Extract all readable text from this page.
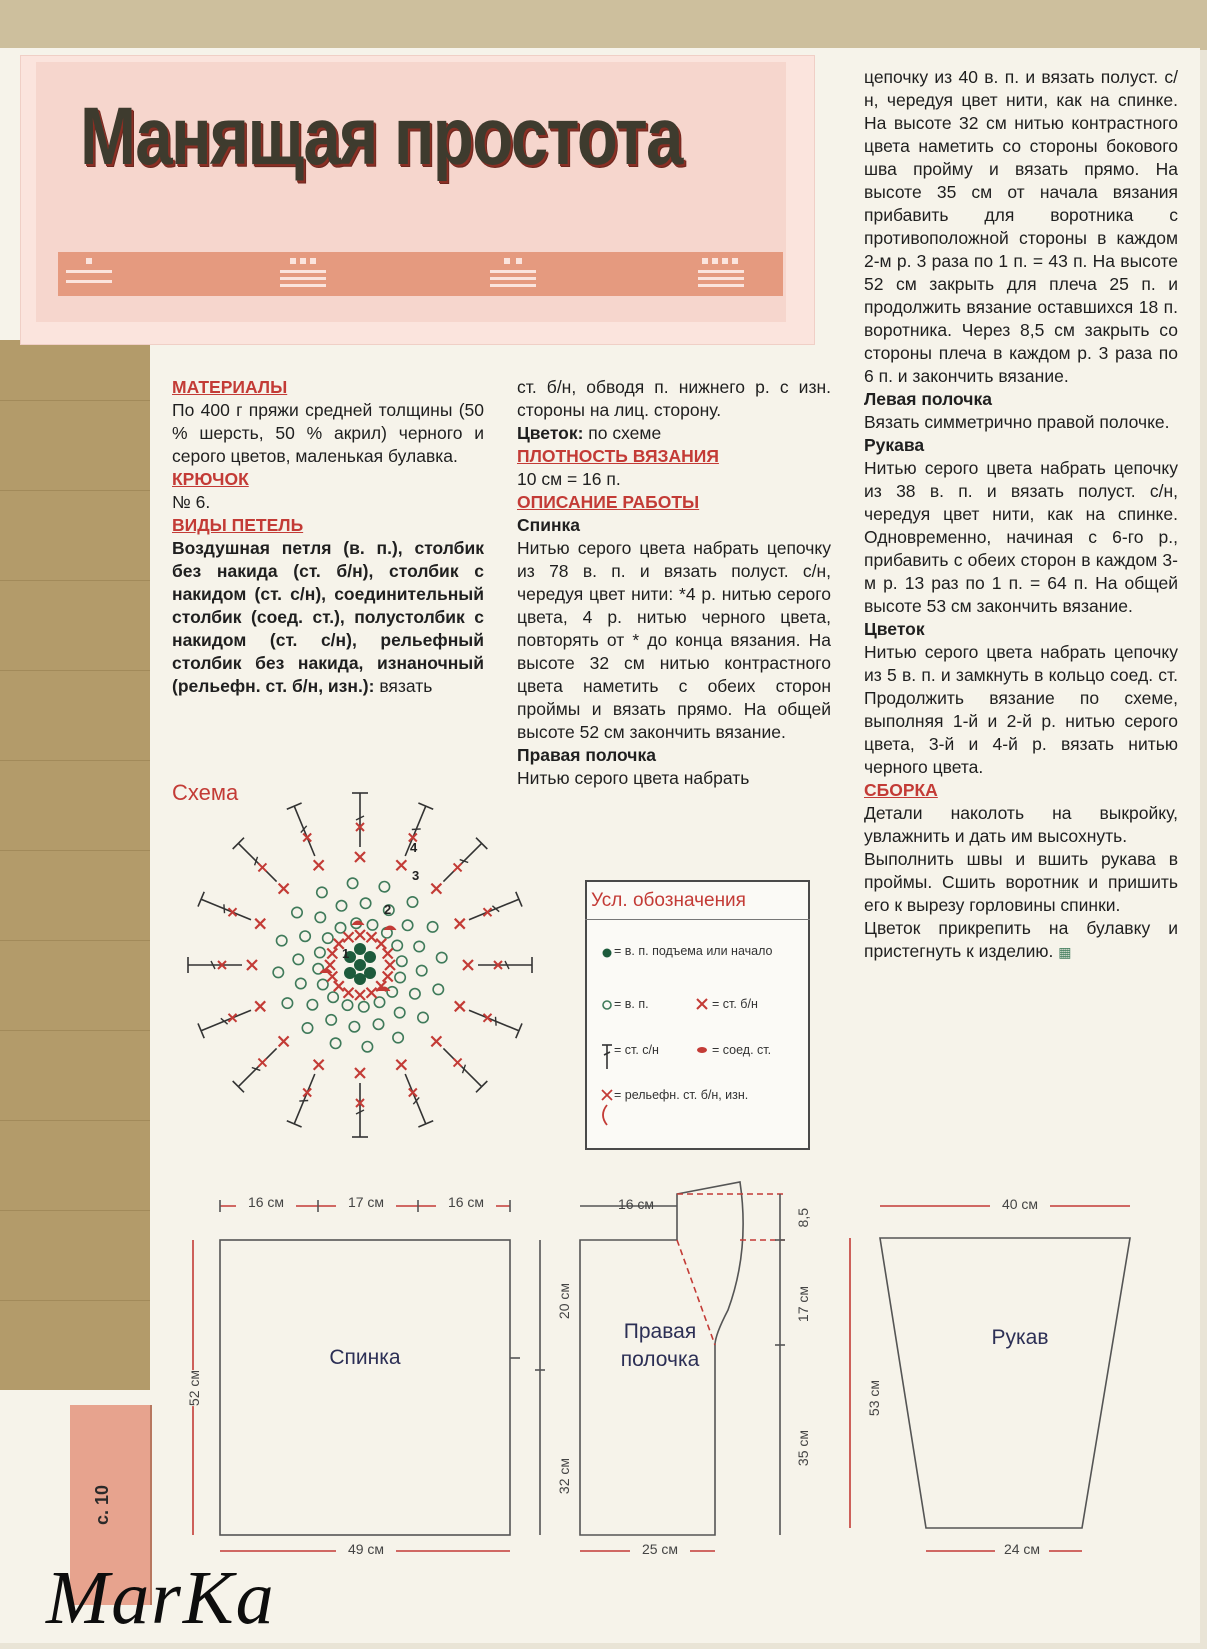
с. 10
Манящая простота
МАТЕРИАЛЫ

По 400 г пряжи средней толщины (50 % шерсть, 50 % акрил) черного и серого цветов, маленькая булавка.

КРЮЧОК

№ 6.

ВИДЫ ПЕТЕЛЬ

Воздушная петля (в. п.), столбик без накида (ст. б/н), столбик с накидом (ст. с/н), соединительный столбик (соед. ст.), полустолбик с накидом (ст. с/н), рельефный столбик без накида, изнаночный (рельефн. ст. б/н, изн.): вязать

ст. б/н, обводя п. нижнего р. с изн. стороны на лиц. сторону.

Цветок: по схеме

ПЛОТНОСТЬ ВЯЗАНИЯ

10 см = 16 п.

ОПИСАНИЕ РАБОТЫ
Спинка

Нитью серого цвета набрать цепочку из 78 в. п. и вязать полуст. с/н, чередуя цвет нити: *4 р. нитью серого цвета, 4 р. нитью черного цвета, повторять от * до конца вязания. На высоте 32 см нитью контрастного цвета наметить с обеих сторон проймы и вязать прямо. На общей высоте 52 см закончить вязание.

Правая полочка

Нитью серого цвета набрать

цепочку из 40 в. п. и вязать полуст. с/н, чередуя цвет нити, как на спинке. На высоте 32 см нитью контрастного цвета наметить со стороны бокового шва пройму и вязать прямо. На высоте 35 см от начала вязания прибавить для воротника с противоположной стороны в каждом 2-м р. 3 раза по 1 п. = 43 п. На высоте 52 см закрыть для плеча 25 п. и продолжить вязание оставшихся 18 п. воротника. Через 8,5 см закрыть со стороны плеча в каждом р. 3 раза по 6 п. и закончить вязание.

Левая полочка

Вязать симметрично правой полочке.

Рукава

Нитью серого цвета набрать цепочку из 38 в. п. и вязать полуст. с/н, чередуя цвет нити, как на спинке. Одновременно, начиная с 6-го р., прибавить с обеих сторон в каждом 3-м р. 13 раз по 1 п. = 64 п. На общей высоте 53 см закончить вязание.

Цветок

Нитью серого цвета набрать цепочку из 5 в. п. и замкнуть в кольцо соед. ст. Продолжить вязание по схеме, выполняя 1-й и 2-й р. нитью серого цвета, 3-й и 4-й р. вязать нитью черного цвета.

СБОРКА

Детали наколоть на выкройку, увлажнить и дать им высохнуть.

Выполнить швы и вшить рукава в проймы. Сшить воротник и пришить его к вырезу горловины спинки.

Цветок прикрепить на булавку и пристегнуть к изделию. ▦

Схема
1
2
3
4
Усл. обозначения
= в. п. подъема или начало
= в. п.	= ст. б/н
= ст. с/н	= соед. ст.
= рельефн. ст. б/н, изн.
16 см	17 см	16 см
52 см
49 см
Спинка
16 см
20 см
32 см
8,5
17 см
35 см
25 см
Правая полочка
40 см
53 см
24 см
Рукав
MarKa
